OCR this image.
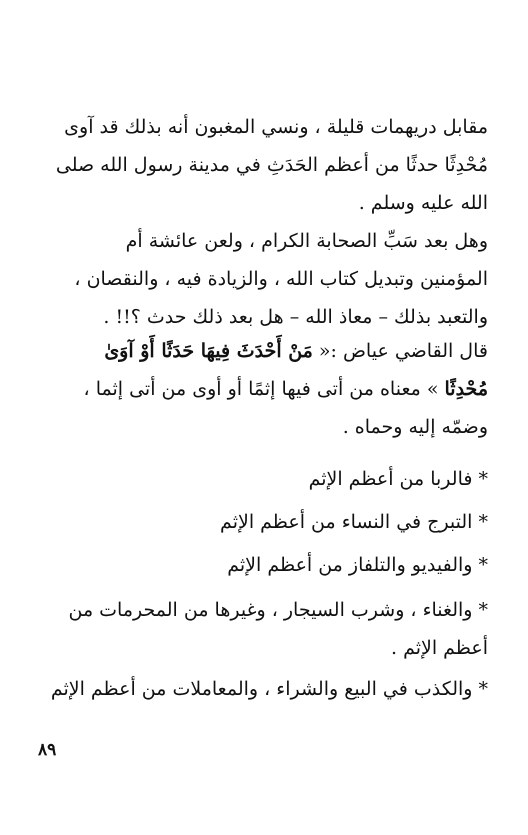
مقابل دريهمات قليلة ، ونسي المغبون أنه بذلك قد آوى
مُحْدِثًا حدثًا من أعظم الحَدَثِ في مدينة رسول الله صلى
الله عليه وسلم .
وهل بعد سَبِّ الصحابة الكرام ، ولعن عائشة أم
المؤمنين وتبديل كتاب الله ، والزيادة فيه ، والنقصان ،
والتعبد بذلك – معاذ الله – هل بعد ذلك حدث ؟!! .
قال القاضي عياض :« مَنْ أَحْدَثَ فِيهَا حَدَثًا أَوْ آوَىٰ
مُحْدِثًا » معناه من أتى فيها إثمًا أو أوى من أتى إثما ،
وضمّه إليه وحماه .
* فالربا من أعظم الإثم
* التبرج في النساء من أعظم الإثم
* والفيديو والتلفاز من أعظم الإثم
* والغناء ، وشرب السيجار ، وغيرها من المحرمات من
أعظم الإثم .
* والكذب في البيع والشراء ، والمعاملات من أعظم الإثم
٨٩
